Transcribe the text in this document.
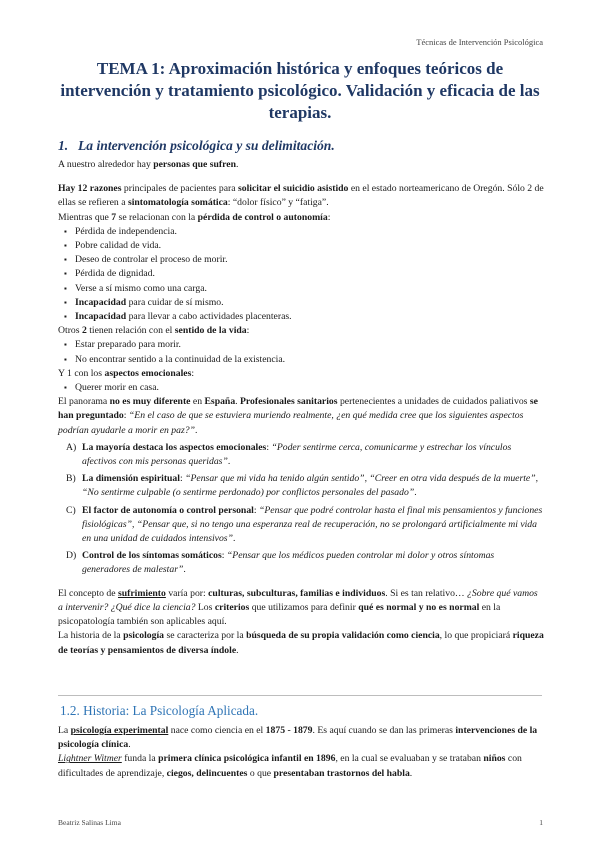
Técnicas de Intervención Psicológica
TEMA 1: Aproximación histórica y enfoques teóricos de intervención y tratamiento psicológico. Validación y eficacia de las terapias.
1. La intervención psicológica y su delimitación.

A nuestro alrededor hay personas que sufren.

Hay 12 razones principales de pacientes para solicitar el suicidio asistido en el estado norteamericano de Oregón. Sólo 2 de ellas se refieren a sintomatología somática: “dolor físico” y “fatiga”.

Mientras que 7 se relacionan con la pérdida de control o autonomía:

▪ Pérdida de independencia.
▪ Pobre calidad de vida.
▪ Deseo de controlar el proceso de morir.
▪ Pérdida de dignidad.
▪ Verse a sí mismo como una carga.
▪ Incapacidad para cuidar de sí mismo.
▪ Incapacidad para llevar a cabo actividades placenteras.

Otros 2 tienen relación con el sentido de la vida:

▪ Estar preparado para morir.
▪ No encontrar sentido a la continuidad de la existencia.

Y 1 con los aspectos emocionales:

▪ Querer morir en casa.

El panorama no es muy diferente en España. Profesionales sanitarios pertenecientes a unidades de cuidados paliativos se han preguntado: “En el caso de que se estuviera muriendo realmente, ¿en qué medida cree que los siguientes aspectos podrían ayudarle a morir en paz?”.

A) La mayoría destaca los aspectos emocionales: “Poder sentirme cerca, comunicarme y estrechar los vínculos afectivos con mis personas queridas”.
B) La dimensión espiritual: “Pensar que mi vida ha tenido algún sentido”, “Creer en otra vida después de la muerte”, “No sentirme culpable (o sentirme perdonado) por conflictos personales del pasado”.
C) El factor de autonomía o control personal: “Pensar que podré controlar hasta el final mis pensamientos y funciones fisiológicas”, “Pensar que, si no tengo una esperanza real de recuperación, no se prolongará artificialmente mi vida en una unidad de cuidados intensivos”.
D) Control de los síntomas somáticos: “Pensar que los médicos pueden controlar mi dolor y otros síntomas generadores de malestar”.

El concepto de sufrimiento varía por: culturas, subculturas, familias e individuos. Si es tan relativo… ¿Sobre qué vamos a intervenir? ¿Qué dice la ciencia? Los criterios que utilizamos para definir qué es normal y no es normal en la psicopatología también son aplicables aquí.

La historia de la psicología se caracteriza por la búsqueda de su propia validación como ciencia, lo que propiciará riqueza de teorías y pensamientos de diversa índole.

1.2. Historia: La Psicología Aplicada.

La psicología experimental nace como ciencia en el 1875 - 1879. Es aquí cuando se dan las primeras intervenciones de la psicología clínica.

Lightner Witmer funda la primera clínica psicológica infantil en 1896, en la cual se evaluaban y se trataban niños con dificultades de aprendizaje, ciegos, delincuentes o que presentaban trastornos del habla.

Beatriz Salinas Lima	1
